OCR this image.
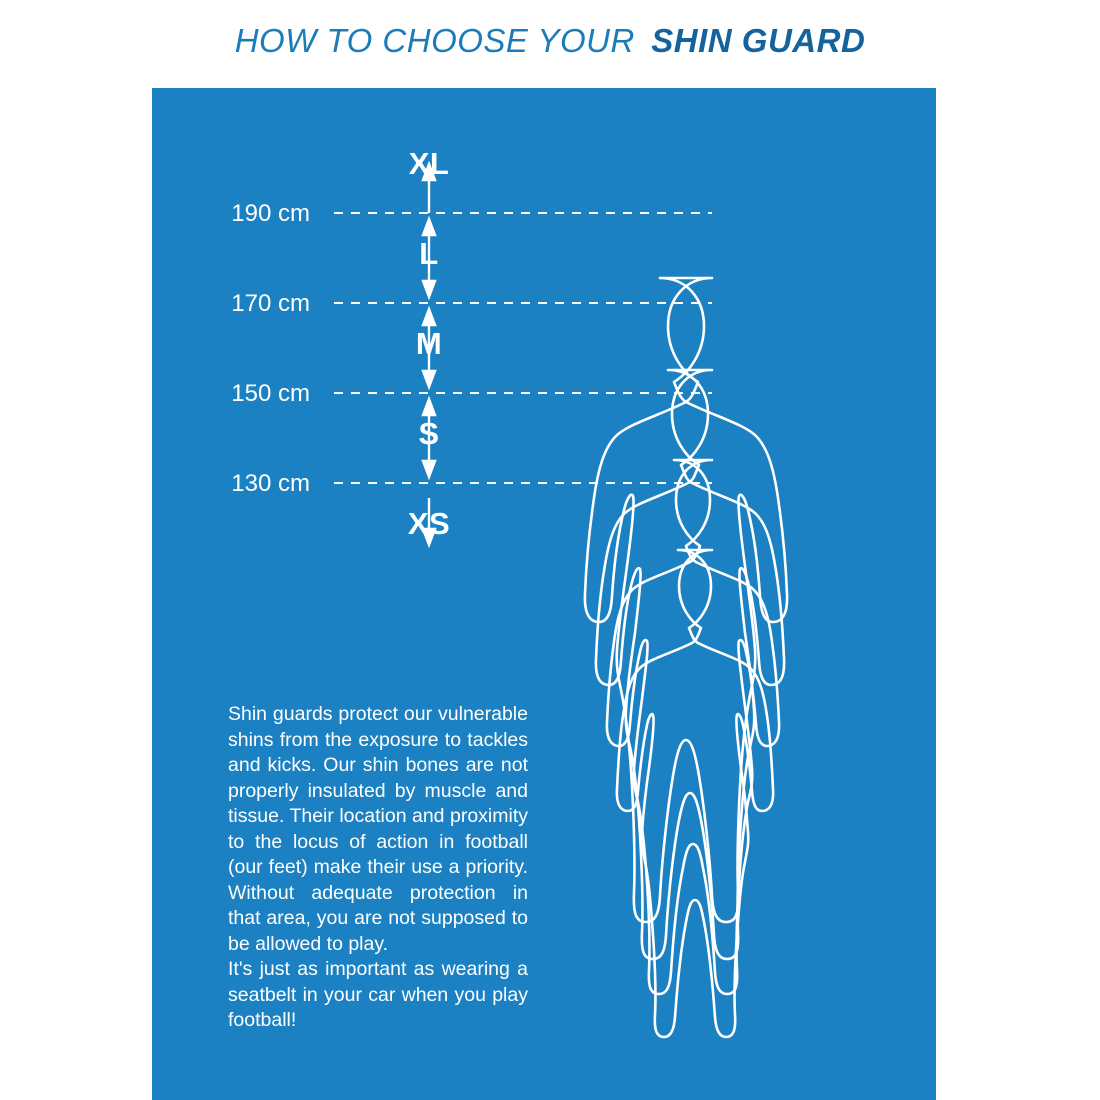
HOW TO CHOOSE YOUR SHIN GUARD
190 cm
170 cm
150 cm
130 cm
XL
L
M
S
XS

Shin guards protect our vulnerable shins from the exposure to tackles and kicks. Our shin bones are not properly insulated by muscle and tissue. Their location and proximity to the locus of action in football (our feet) make their use a priority. Without adequate protection in that area, you are not supposed to be allowed to play.

It's just as important as wearing a seatbelt in your car when you play football!
